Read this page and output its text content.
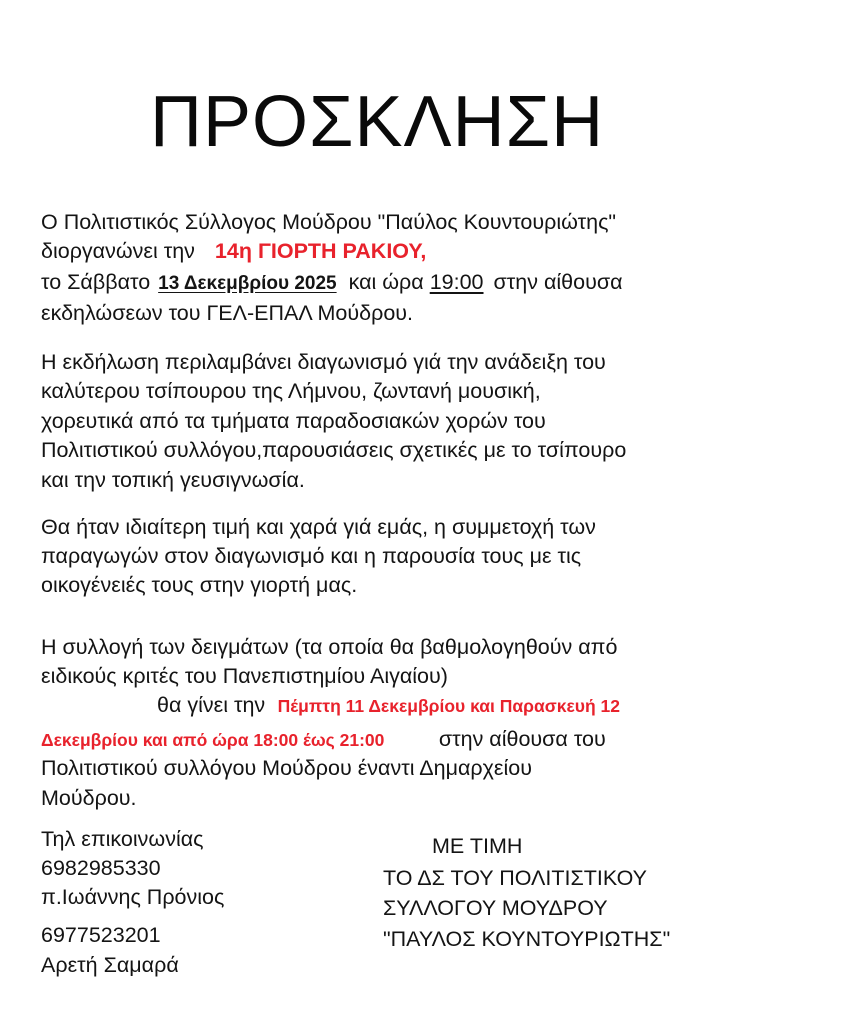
ΠΡΟΣΚΛΗΣΗ
Ο Πολιτιστικός Σύλλογος Μούδρου "Παύλος Κουντουριώτης"
διοργανώνει την 14η ΓΙΟΡΤΗ ΡΑΚΙΟΥ,
το Σάββατο 13 Δεκεμβρίου 2025 και ώρα 19:00 στην αίθουσα
εκδηλώσεων του ΓΕΛ-ΕΠΑΛ Μούδρου.
Η εκδήλωση περιλαμβάνει διαγωνισμό γιά την ανάδειξη του
καλύτερου τσίπουρου της Λήμνου, ζωντανή μουσική,
χορευτικά από τα τμήματα παραδοσιακών χορών του
Πολιτιστικού συλλόγου,παρουσιάσεις σχετικές με το τσίπουρο
και την τοπική γευσιγνωσία.
Θα ήταν ιδιαίτερη τιμή και χαρά γιά εμάς, η συμμετοχή των
παραγωγών στον διαγωνισμό και η παρουσία τους με τις
οικογένειές τους στην γιορτή μας.
Η συλλογή των δειγμάτων (τα οποία θα βαθμολογηθούν από
ειδικούς κριτές του Πανεπιστημίου Αιγαίου)
θα γίνει την Πέμπτη 11 Δεκεμβρίου και Παρασκευή 12
Δεκεμβρίου και από ώρα 18:00 έως 21:00	στην αίθουσα του
Πολιτιστικού συλλόγου Μούδρου έναντι Δημαρχείου
Μούδρου.
Τηλ επικοινωνίας
6982985330
π.Ιωάννης Πρόνιος
6977523201
Αρετή Σαμαρά
ΜΕ ΤΙΜΗ
ΤΟ ΔΣ ΤΟΥ ΠΟΛΙΤΙΣΤΙΚΟΥ
ΣΥΛΛΟΓΟΥ ΜΟΥΔΡΟΥ
"ΠΑΥΛΟΣ ΚΟΥΝΤΟΥΡΙΩΤΗΣ"
